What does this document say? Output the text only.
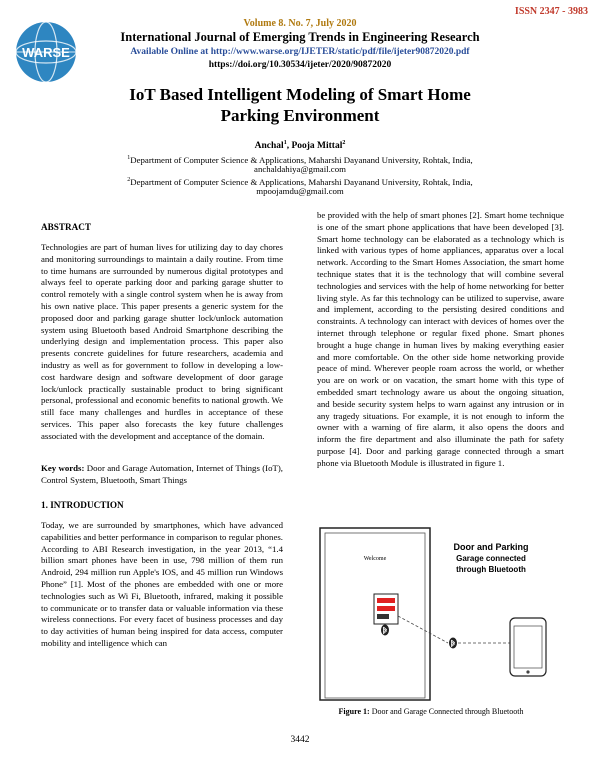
ISSN 2347 - 3983
WARSE
Volume 8. No. 7, July 2020
International Journal of Emerging Trends in Engineering Research
Available Online at http://www.warse.org/IJETER/static/pdf/file/ijeter90872020.pdf
https://doi.org/10.30534/ijeter/2020/90872020
IoT Based Intelligent Modeling of Smart Home
Parking Environment
Anchal$^1$, Pooja Mittal$^2$
$^1$Department of Computer Science & Applications, Maharshi Dayanand University, Rohtak, India,
anchaldahiya@gmail.com
$^2$Department of Computer Science & Applications, Maharshi Dayanand University, Rohtak, India,
mpoojamdu@gmail.com

ABSTRACT

Technologies are part of human lives for utilizing day to day chores and monitoring surroundings to maintain a daily routine. From time to time humans are surrounded by numerous digital prototypes and always feel to operate parking door and parking garage shutter to control remotely with a single control system when he is away from his own native place. This paper presents a generic system for the proposed door and parking garage shutter lock/unlock automation system using Bluetooth based Android Smartphone describing the underlying design and implementation process. This paper also presents concrete guidelines for future researchers, academia and industry as well as for government to follow in developing a low-cost hardware design and software development of door garage lock/unlock practically sustainable product to bring significant personal, professional and economic benefits to national growth. We still face many challenges and hurdles in acceptance of these services. This paper also forecasts the key future challenges associated with the development and acceptance of the domain.

Key words: Door and Garage Automation, Internet of Things (IoT), Control System, Bluetooth, Smart Things

1. INTRODUCTION

Today, we are surrounded by smartphones, which have advanced capabilities and better performance in comparison to regular phones. According to ABI Research investigation, in the year 2013, “1.4 billion smart phones have been in use, 798 million of them run Android, 294 million run Apple's IOS, and 45 million run Windows Phone” [1]. Most of the phones are embedded with one or more technologies such as Wi Fi, Bluetooth, infrared, making it possible to communicate or to transfer data or valuable information via these wireless connections. For every facet of business processes and day to day activities of human being inspired for data access, computer mobility and intelligence which can

be provided with the help of smart phones [2]. Smart home technique is one of the smart phone applications that have been developed [3]. Smart home technology can be elaborated as a technology which is linked with various types of home appliances, apparatus over a local network. According to the Smart Homes Association, the smart home technique states that it is the technology that will combine several technologies and services with the help of home networking for better living style. As far this technology can be utilized to supervise, aware and implement, according to the persisting desired conditions and constraints. A technology can interact with devices of homes over the internet through telephone or regular fixed phone. Smart phones brought a huge change in human lives by making everything easier and more comfortable. On the other side home networking provide peace of mind. Wherever people roam across the world, or whether you are on work or on vacation, the smart home with this type of embedded smart technology aware us about the ongoing situation, and beside security system helps to warn against any intrusion or in any tragedy situations. For example, it is not enough to inform the owner with a warning of fire alarm, it also opens the doors and inform the fire department and also illuminate the path for safety purpose [4]. Door and parking garage connected through a smart phone via Bluetooth Module is illustrated in figure 1.

Welcome
Door and Parking
Garage connected
through Bluetooth
Figure 1: Door and Garage Connected through Bluetooth
3442
